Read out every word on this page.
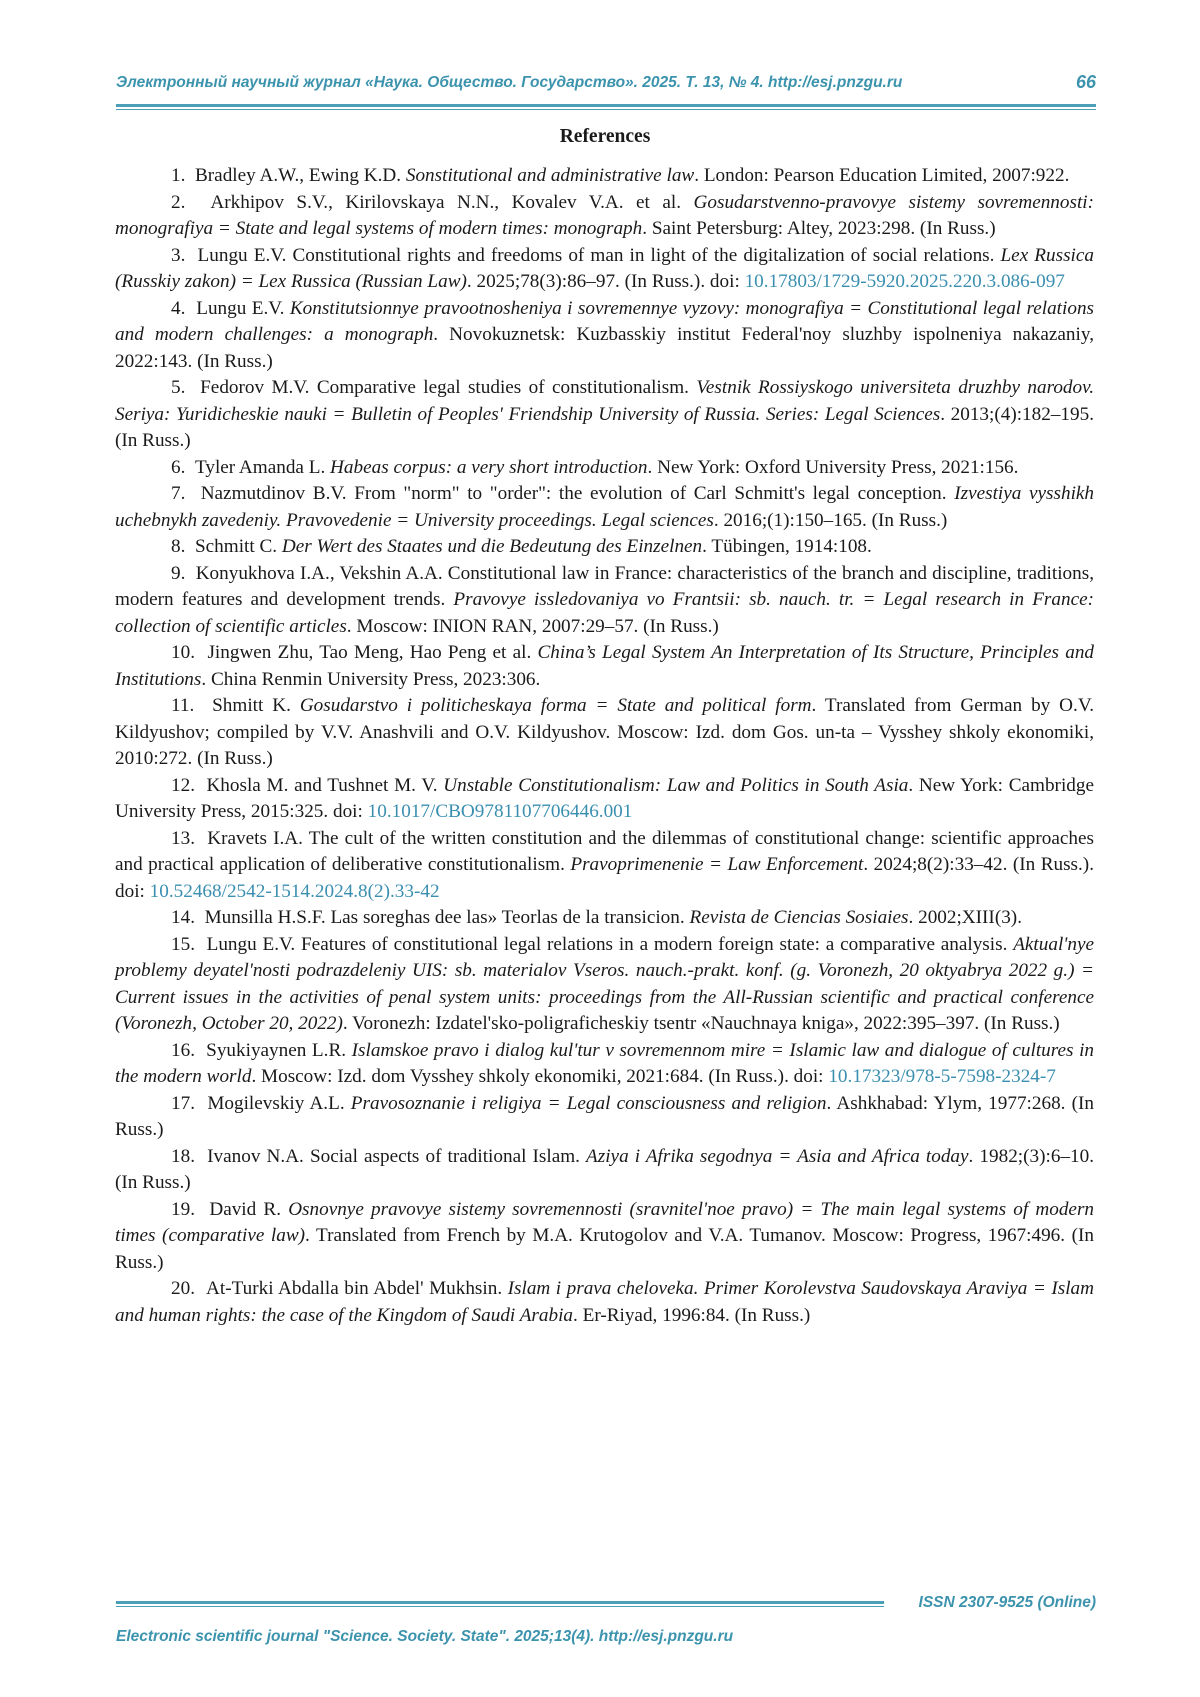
Электронный научный журнал «Наука. Общество. Государство». 2025. Т. 13, № 4. http://esj.pnzgu.ru	66
References

1. Bradley A.W., Ewing K.D. Sonstitutional and administrative law. London: Pearson Education Limited, 2007:922.

2. Arkhipov S.V., Kirilovskaya N.N., Kovalev V.A. et al. Gosudarstvenno-pravovye sistemy sovremennosti: monografiya = State and legal systems of modern times: monograph. Saint Petersburg: Altey, 2023:298. (In Russ.)

3. Lungu E.V. Constitutional rights and freedoms of man in light of the digitalization of social relations. Lex Russica (Russkiy zakon) = Lex Russica (Russian Law). 2025;78(3):86–97. (In Russ.). doi: 10.17803/1729-5920.2025.220.3.086-097

4. Lungu E.V. Konstitutsionnye pravootnosheniya i sovremennye vyzovy: monografiya = Constitutional legal relations and modern challenges: a monograph. Novokuznetsk: Kuzbasskiy institut Federal'noy sluzhby ispolneniya nakazaniy, 2022:143. (In Russ.)

5. Fedorov M.V. Comparative legal studies of constitutionalism. Vestnik Rossiyskogo universiteta druzhby narodov. Seriya: Yuridicheskie nauki = Bulletin of Peoples' Friendship University of Russia. Series: Legal Sciences. 2013;(4):182–195. (In Russ.)

6. Tyler Amanda L. Habeas corpus: a very short introduction. New York: Oxford University Press, 2021:156.

7. Nazmutdinov B.V. From "norm" to "order": the evolution of Carl Schmitt's legal conception. Izvestiya vysshikh uchebnykh zavedeniy. Pravovedenie = University proceedings. Legal sciences. 2016;(1):150–165. (In Russ.)

8. Schmitt C. Der Wert des Staates und die Bedeutung des Einzelnen. Tübingen, 1914:108.

9. Konyukhova I.A., Vekshin A.A. Constitutional law in France: characteristics of the branch and discipline, traditions, modern features and development trends. Pravovye issledovaniya vo Frantsii: sb. nauch. tr. = Legal research in France: collection of scientific articles. Moscow: INION RAN, 2007:29–57. (In Russ.)

10. Jingwen Zhu, Tao Meng, Hao Peng et al. China’s Legal System An Interpretation of Its Structure, Principles and Institutions. China Renmin University Press, 2023:306.

11. Shmitt K. Gosudarstvo i politicheskaya forma = State and political form. Translated from German by O.V. Kildyushov; compiled by V.V. Anashvili and O.V. Kildyushov. Moscow: Izd. dom Gos. un-ta – Vysshey shkoly ekonomiki, 2010:272. (In Russ.)

12. Khosla M. and Tushnet M. V. Unstable Constitutionalism: Law and Politics in South Asia. New York: Cambridge University Press, 2015:325. doi: 10.1017/CBO9781107706446.001

13. Kravets I.A. The cult of the written constitution and the dilemmas of constitutional change: scientific approaches and practical application of deliberative constitutionalism. Pravoprimenenie = Law Enforcement. 2024;8(2):33–42. (In Russ.). doi: 10.52468/2542-1514.2024.8(2).33-42

14. Munsilla H.S.F. Las soreghas dee las» Teorlas de la transicion. Revista de Ciencias Sosiaies. 2002;XIII(3).

15. Lungu E.V. Features of constitutional legal relations in a modern foreign state: a comparative analysis. Aktual'nye problemy deyatel'nosti podrazdeleniy UIS: sb. materialov Vseros. nauch.-prakt. konf. (g. Voronezh, 20 oktyabrya 2022 g.) = Current issues in the activities of penal system units: proceedings from the All-Russian scientific and practical conference (Voronezh, October 20, 2022). Voronezh: Izdatel'sko-poligraficheskiy tsentr «Nauchnaya kniga», 2022:395–397. (In Russ.)

16. Syukiyaynen L.R. Islamskoe pravo i dialog kul'tur v sovremennom mire = Islamic law and dialogue of cultures in the modern world. Moscow: Izd. dom Vysshey shkoly ekonomiki, 2021:684. (In Russ.). doi: 10.17323/978-5-7598-2324-7

17. Mogilevskiy A.L. Pravosoznanie i religiya = Legal consciousness and religion. Ashkhabad: Ylym, 1977:268. (In Russ.)

18. Ivanov N.A. Social aspects of traditional Islam. Aziya i Afrika segodnya = Asia and Africa today. 1982;(3):6–10. (In Russ.)

19. David R. Osnovnye pravovye sistemy sovremennosti (sravnitel'noe pravo) = The main legal systems of modern times (comparative law). Translated from French by M.A. Krutogolov and V.A. Tumanov. Moscow: Progress, 1967:496. (In Russ.)

20. At-Turki Abdalla bin Abdel' Mukhsin. Islam i prava cheloveka. Primer Korolevstva Saudovskaya Araviya = Islam and human rights: the case of the Kingdom of Saudi Arabia. Er-Riyad, 1996:84. (In Russ.)

ISSN 2307-9525 (Online)
Electronic scientific journal "Science. Society. State". 2025;13(4). http://esj.pnzgu.ru
